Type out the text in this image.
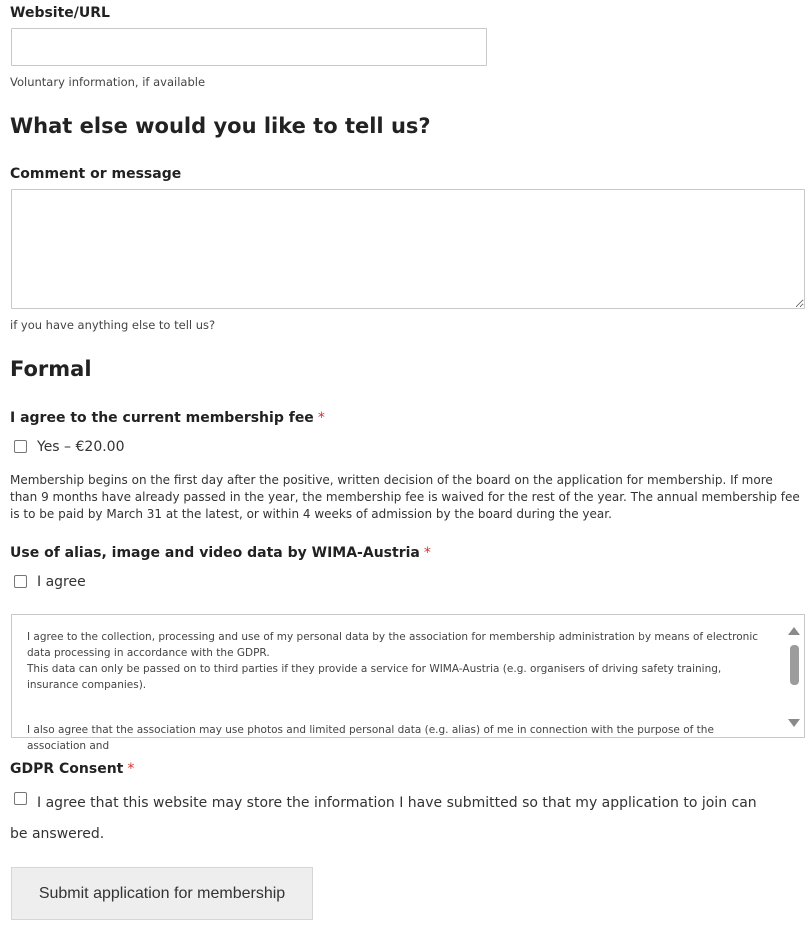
Website/URL
Voluntary information, if available
What else would you like to tell us?
Comment or message
if you have anything else to tell us?
Formal
I agree to the current membership fee *
Yes – €20.00
Membership begins on the first day after the positive, written decision of the board on the application for membership. If more than 9 months have already passed in the year, the membership fee is waived for the rest of the year. The annual membership fee is to be paid by March 31 at the latest, or within 4 weeks of admission by the board during the year.
Use of alias, image and video data by WIMA-Austria *
I agree
I agree to the collection, processing and use of my personal data by the association for membership administration by means of electronic data processing in accordance with the GDPR.
This data can only be passed on to third parties if they provide a service for WIMA-Austria (e.g. organisers of driving safety training, insurance companies).
I also agree that the association may use photos and limited personal data (e.g. alias) of me in connection with the purpose of the association and
GDPR Consent *
I agree that this website may store the information I have submitted so that my application to join can be answered.
Submit application for membership
